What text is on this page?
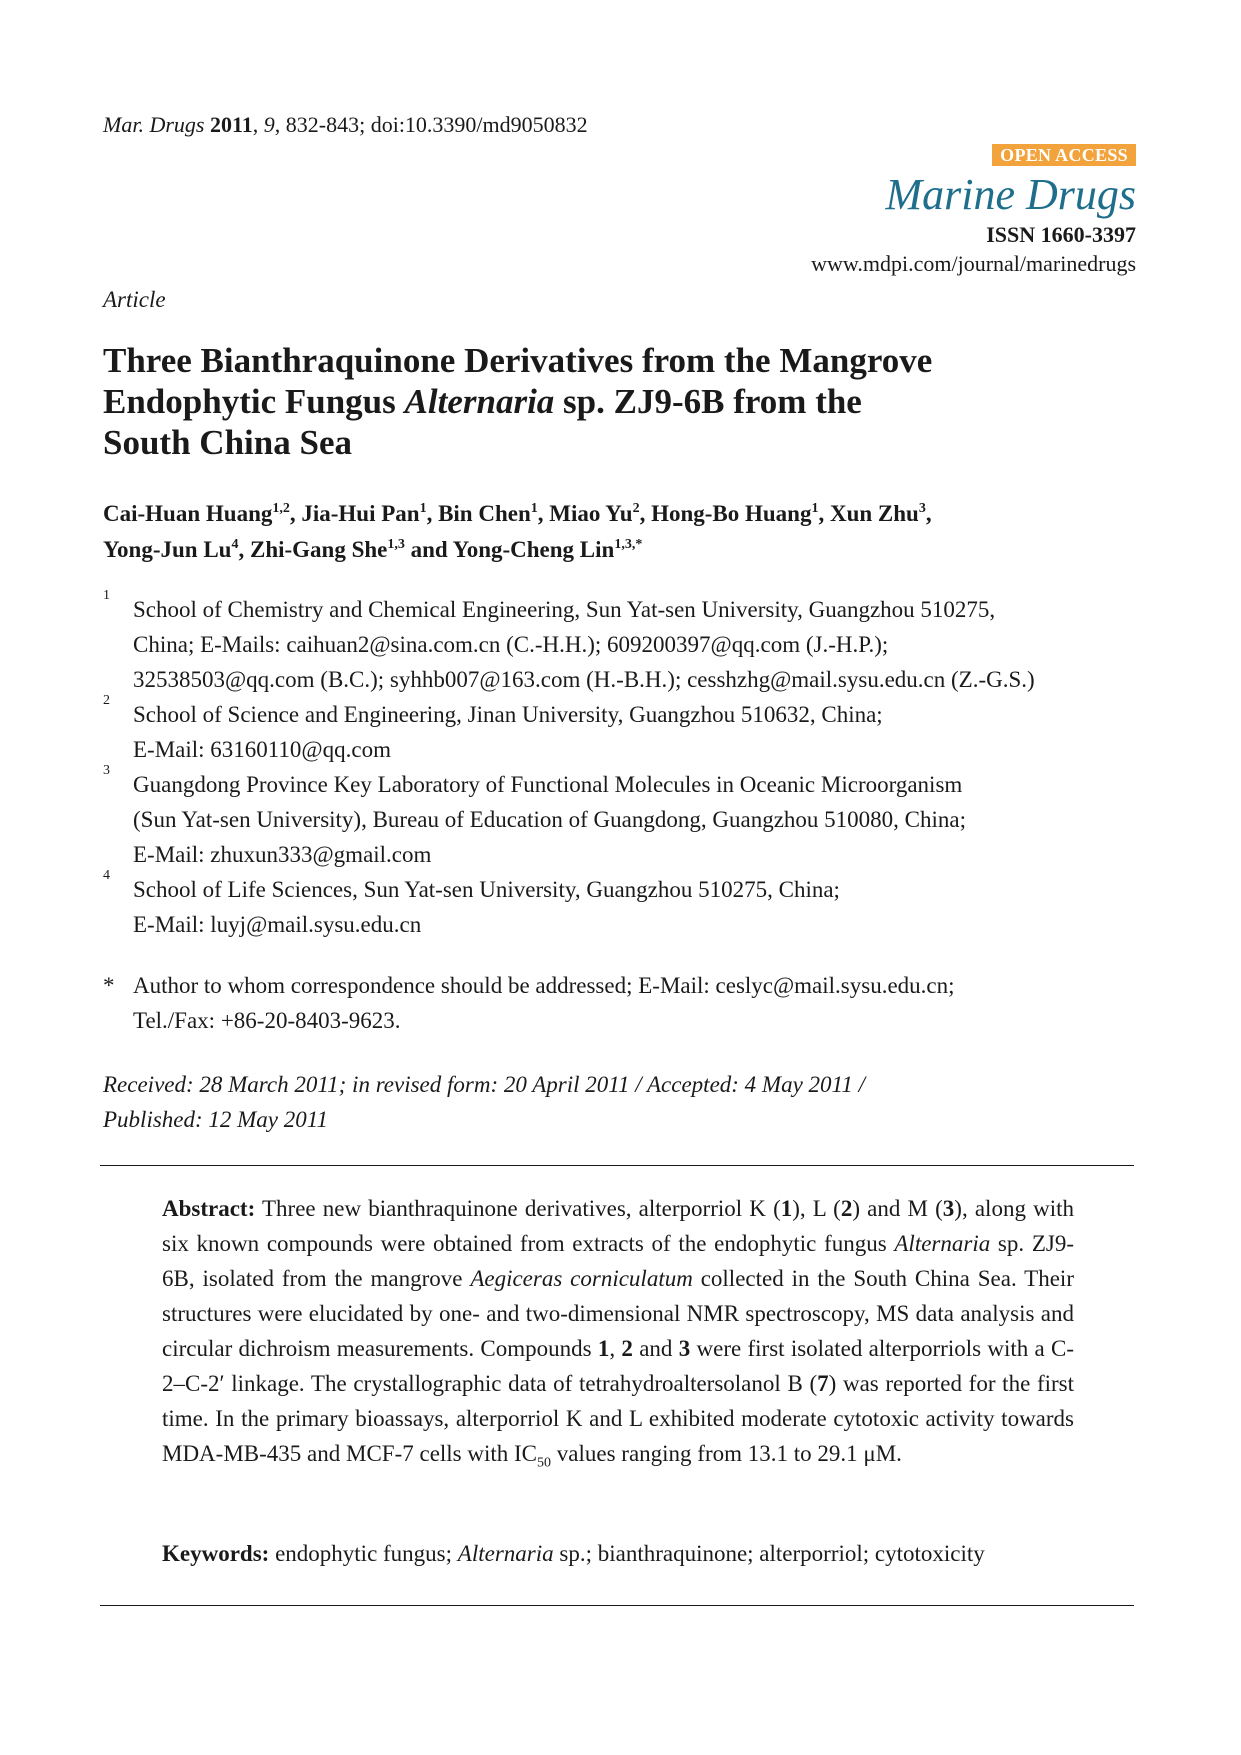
Mar. Drugs 2011, 9, 832-843; doi:10.3390/md9050832
OPEN ACCESS
Marine Drugs
ISSN 1660-3397
www.mdpi.com/journal/marinedrugs
Article
Three Bianthraquinone Derivatives from the Mangrove
Endophytic Fungus Alternaria sp. ZJ9-6B from the
South China Sea
Cai-Huan Huang$^{1,2}$, Jia-Hui Pan$^1$, Bin Chen$^1$, Miao Yu$^2$, Hong-Bo Huang$^1$, Xun Zhu$^3$,
Yong-Jun Lu$^4$, Zhi-Gang She$^{1,3}$ and Yong-Cheng Lin$^{1,3,*}$
1
School of Chemistry and Chemical Engineering, Sun Yat-sen University, Guangzhou 510275,
China; E-Mails: caihuan2@sina.com.cn (C.-H.H.); 609200397@qq.com (J.-H.P.);
32538503@qq.com (B.C.); syhhb007@163.com (H.-B.H.); cesshzhg@mail.sysu.edu.cn (Z.-G.S.)
2
School of Science and Engineering, Jinan University, Guangzhou 510632, China;
E-Mail: 63160110@qq.com
3
Guangdong Province Key Laboratory of Functional Molecules in Oceanic Microorganism
(Sun Yat-sen University), Bureau of Education of Guangdong, Guangzhou 510080, China;
E-Mail: zhuxun333@gmail.com
4
School of Life Sciences, Sun Yat-sen University, Guangzhou 510275, China;
E-Mail: luyj@mail.sysu.edu.cn
* Author to whom correspondence should be addressed; E-Mail: ceslyc@mail.sysu.edu.cn;
Tel./Fax: +86-20-8403-9623.
Received: 28 March 2011; in revised form: 20 April 2011 / Accepted: 4 May 2011 /
Published: 12 May 2011
Abstract: Three new bianthraquinone derivatives, alterporriol K (1), L (2) and M (3), along with six known compounds were obtained from extracts of the endophytic fungus Alternaria sp. ZJ9-6B, isolated from the mangrove Aegiceras corniculatum collected in the South China Sea. Their structures were elucidated by one- and two-dimensional NMR spectroscopy, MS data analysis and circular dichroism measurements. Compounds 1, 2 and 3 were first isolated alterporriols with a C-2–C-2′ linkage. The crystallographic data of tetrahydroaltersolanol B (7) was reported for the first time. In the primary bioassays, alterporriol K and L exhibited moderate cytotoxic activity towards MDA-MB-435 and MCF-7 cells with $IC_{50}$ values ranging from 13.1 to 29.1 μM.
Keywords: endophytic fungus; Alternaria sp.; bianthraquinone; alterporriol; cytotoxicity
